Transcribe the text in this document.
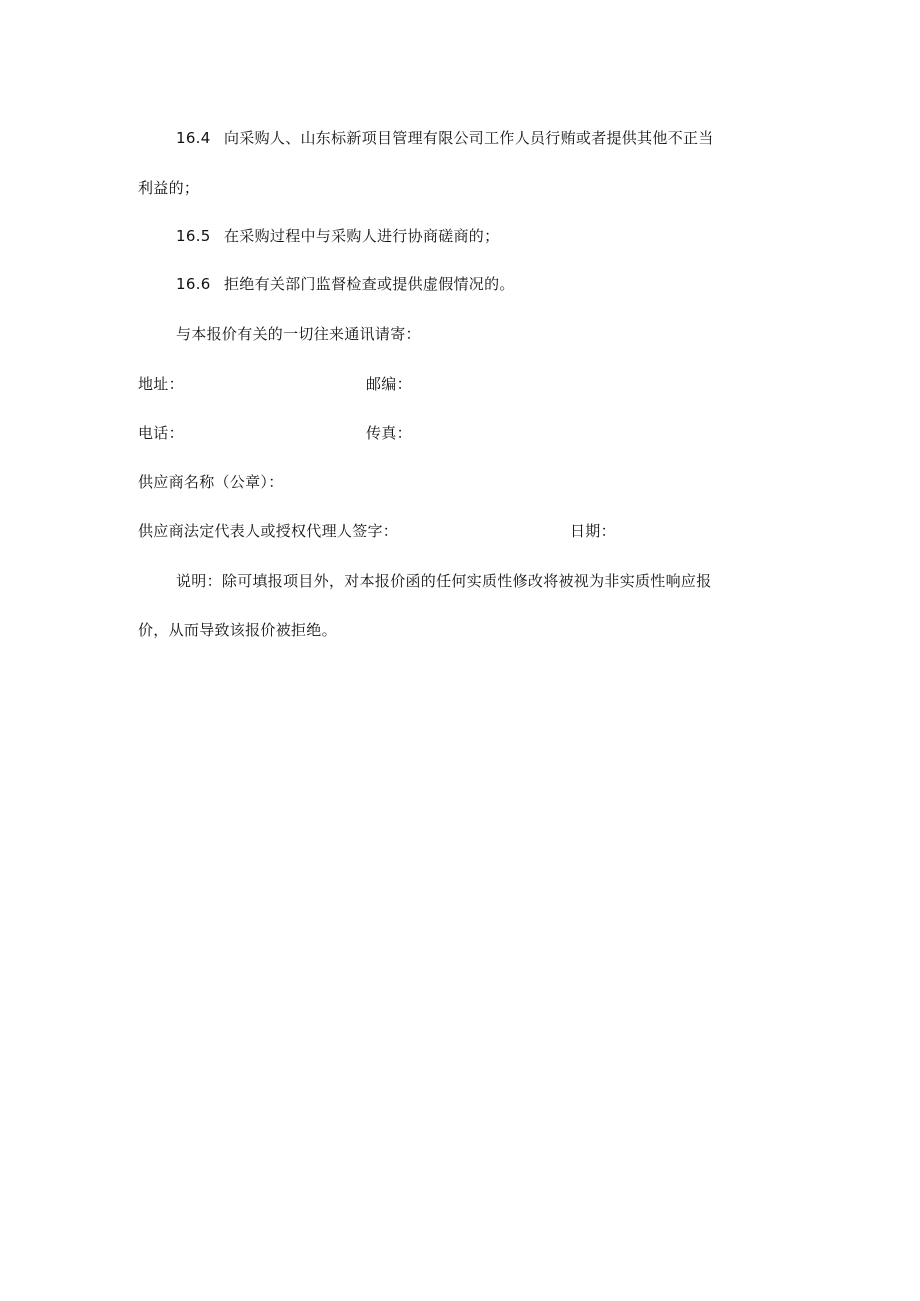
16.4 向采购人、山东标新项目管理有限公司工作人员行贿或者提供其他不正当
利益的；
16.5 在采购过程中与采购人进行协商磋商的；
16.6 拒绝有关部门监督检查或提供虚假情况的。
与本报价有关的一切往来通讯请寄：
地址：	邮编：
电话：	传真：
供应商名称（公章）：
供应商法定代表人或授权代理人签字：	日期：
说明：除可填报项目外，对本报价函的任何实质性修改将被视为非实质性响应报
价，从而导致该报价被拒绝。
